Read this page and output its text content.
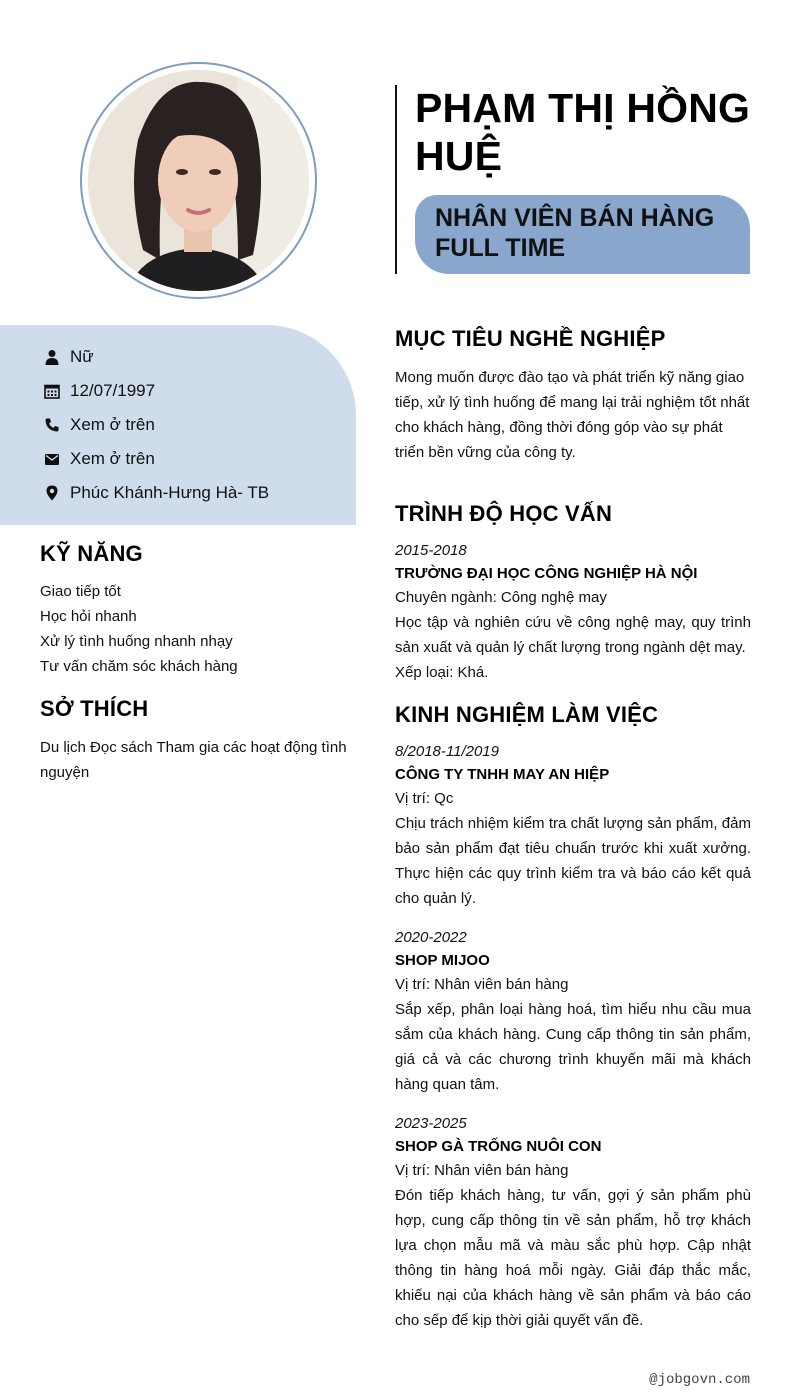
PHẠM THỊ HỒNG
HUỆ
NHÂN VIÊN BÁN HÀNG
FULL TIME
Nữ
12/07/1997
Xem ở trên
Xem ở trên
Phúc Khánh-Hưng Hà- TB
KỸ NĂNG
Giao tiếp tốt
Học hỏi nhanh
Xử lý tình huống nhanh nhạy
Tư vấn chăm sóc khách hàng
SỞ THÍCH
Du lịch Đọc sách Tham gia các hoạt động tình nguyện
MỤC TIÊU NGHỀ NGHIỆP
Mong muốn được đào tạo và phát triển kỹ năng giao tiếp, xử lý tình huống để mang lại trải nghiệm tốt nhất cho khách hàng, đồng thời đóng góp vào sự phát triển bền vững của công ty.
TRÌNH ĐỘ HỌC VẤN
2015-2018
TRƯỜNG ĐẠI HỌC CÔNG NGHIỆP HÀ NỘI
Chuyên ngành: Công nghệ may
Học tập và nghiên cứu về công nghệ may, quy trình sản xuất và quản lý chất lượng trong ngành dệt may.
Xếp loại: Khá.
KINH NGHIỆM LÀM VIỆC
8/2018-11/2019
CÔNG TY TNHH MAY AN HIỆP
Vị trí: Qc
Chịu trách nhiệm kiểm tra chất lượng sản phẩm, đảm bảo sản phẩm đạt tiêu chuẩn trước khi xuất xưởng. Thực hiện các quy trình kiểm tra và báo cáo kết quả cho quản lý.
2020-2022
SHOP MIJOO
Vị trí: Nhân viên bán hàng
Sắp xếp, phân loại hàng hoá, tìm hiểu nhu cầu mua sắm của khách hàng. Cung cấp thông tin sản phẩm, giá cả và các chương trình khuyến mãi mà khách hàng quan tâm.
2023-2025
SHOP GÀ TRỐNG NUÔI CON
Vị trí: Nhân viên bán hàng
Đón tiếp khách hàng, tư vấn, gợi ý sản phẩm phù hợp, cung cấp thông tin về sản phẩm, hỗ trợ khách lựa chọn mẫu mã và màu sắc phù hợp. Cập nhật thông tin hàng hoá mỗi ngày. Giải đáp thắc mắc, khiếu nại của khách hàng về sản phẩm và báo cáo cho sếp để kịp thời giải quyết vấn đề.
@jobgovn.com
